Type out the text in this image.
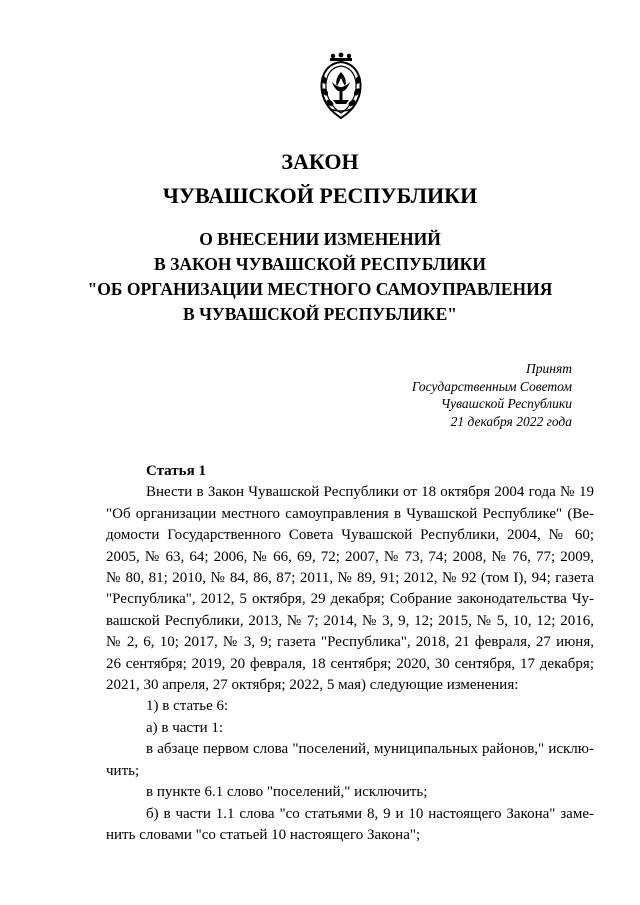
ЗАКОН
ЧУВАШСКОЙ РЕСПУБЛИКИ
О ВНЕСЕНИИ ИЗМЕНЕНИЙ
В ЗАКОН ЧУВАШСКОЙ РЕСПУБЛИКИ
"ОБ ОРГАНИЗАЦИИ МЕСТНОГО САМОУПРАВЛЕНИЯ
В ЧУВАШСКОЙ РЕСПУБЛИКЕ"
Принят
Государственным Советом
Чувашской Республики
21 декабря 2022 года

Статья 1

Внести в Закон Чувашской Республики от 18 октября 2004 года № 19
"Об организации местного самоуправления в Чувашской Республике" (Ве-
домости Государственного Совета Чувашской Республики, 2004, № 60;
2005, № 63, 64; 2006, № 66, 69, 72; 2007, № 73, 74; 2008, № 76, 77; 2009,
№ 80, 81; 2010, № 84, 86, 87; 2011, № 89, 91; 2012, № 92 (том I), 94; газета
"Республика", 2012, 5 октября, 29 декабря; Собрание законодательства Чу-
вашской Республики, 2013, № 7; 2014, № 3, 9, 12; 2015, № 5, 10, 12; 2016,
№ 2, 6, 10; 2017, № 3, 9; газета "Республика", 2018, 21 февраля, 27 июня,
26 сентября; 2019, 20 февраля, 18 сентября; 2020, 30 сентября, 17 декабря;
2021, 30 апреля, 27 октября; 2022, 5 мая) следующие изменения:

1) в статье 6:

а) в части 1:

в абзаце первом слова "поселений, муниципальных районов," исклю-
чить;

в пункте 6.1 слово "поселений," исключить;

б) в части 1.1 слова "со статьями 8, 9 и 10 настоящего Закона" заме-
нить словами "со статьей 10 настоящего Закона";
